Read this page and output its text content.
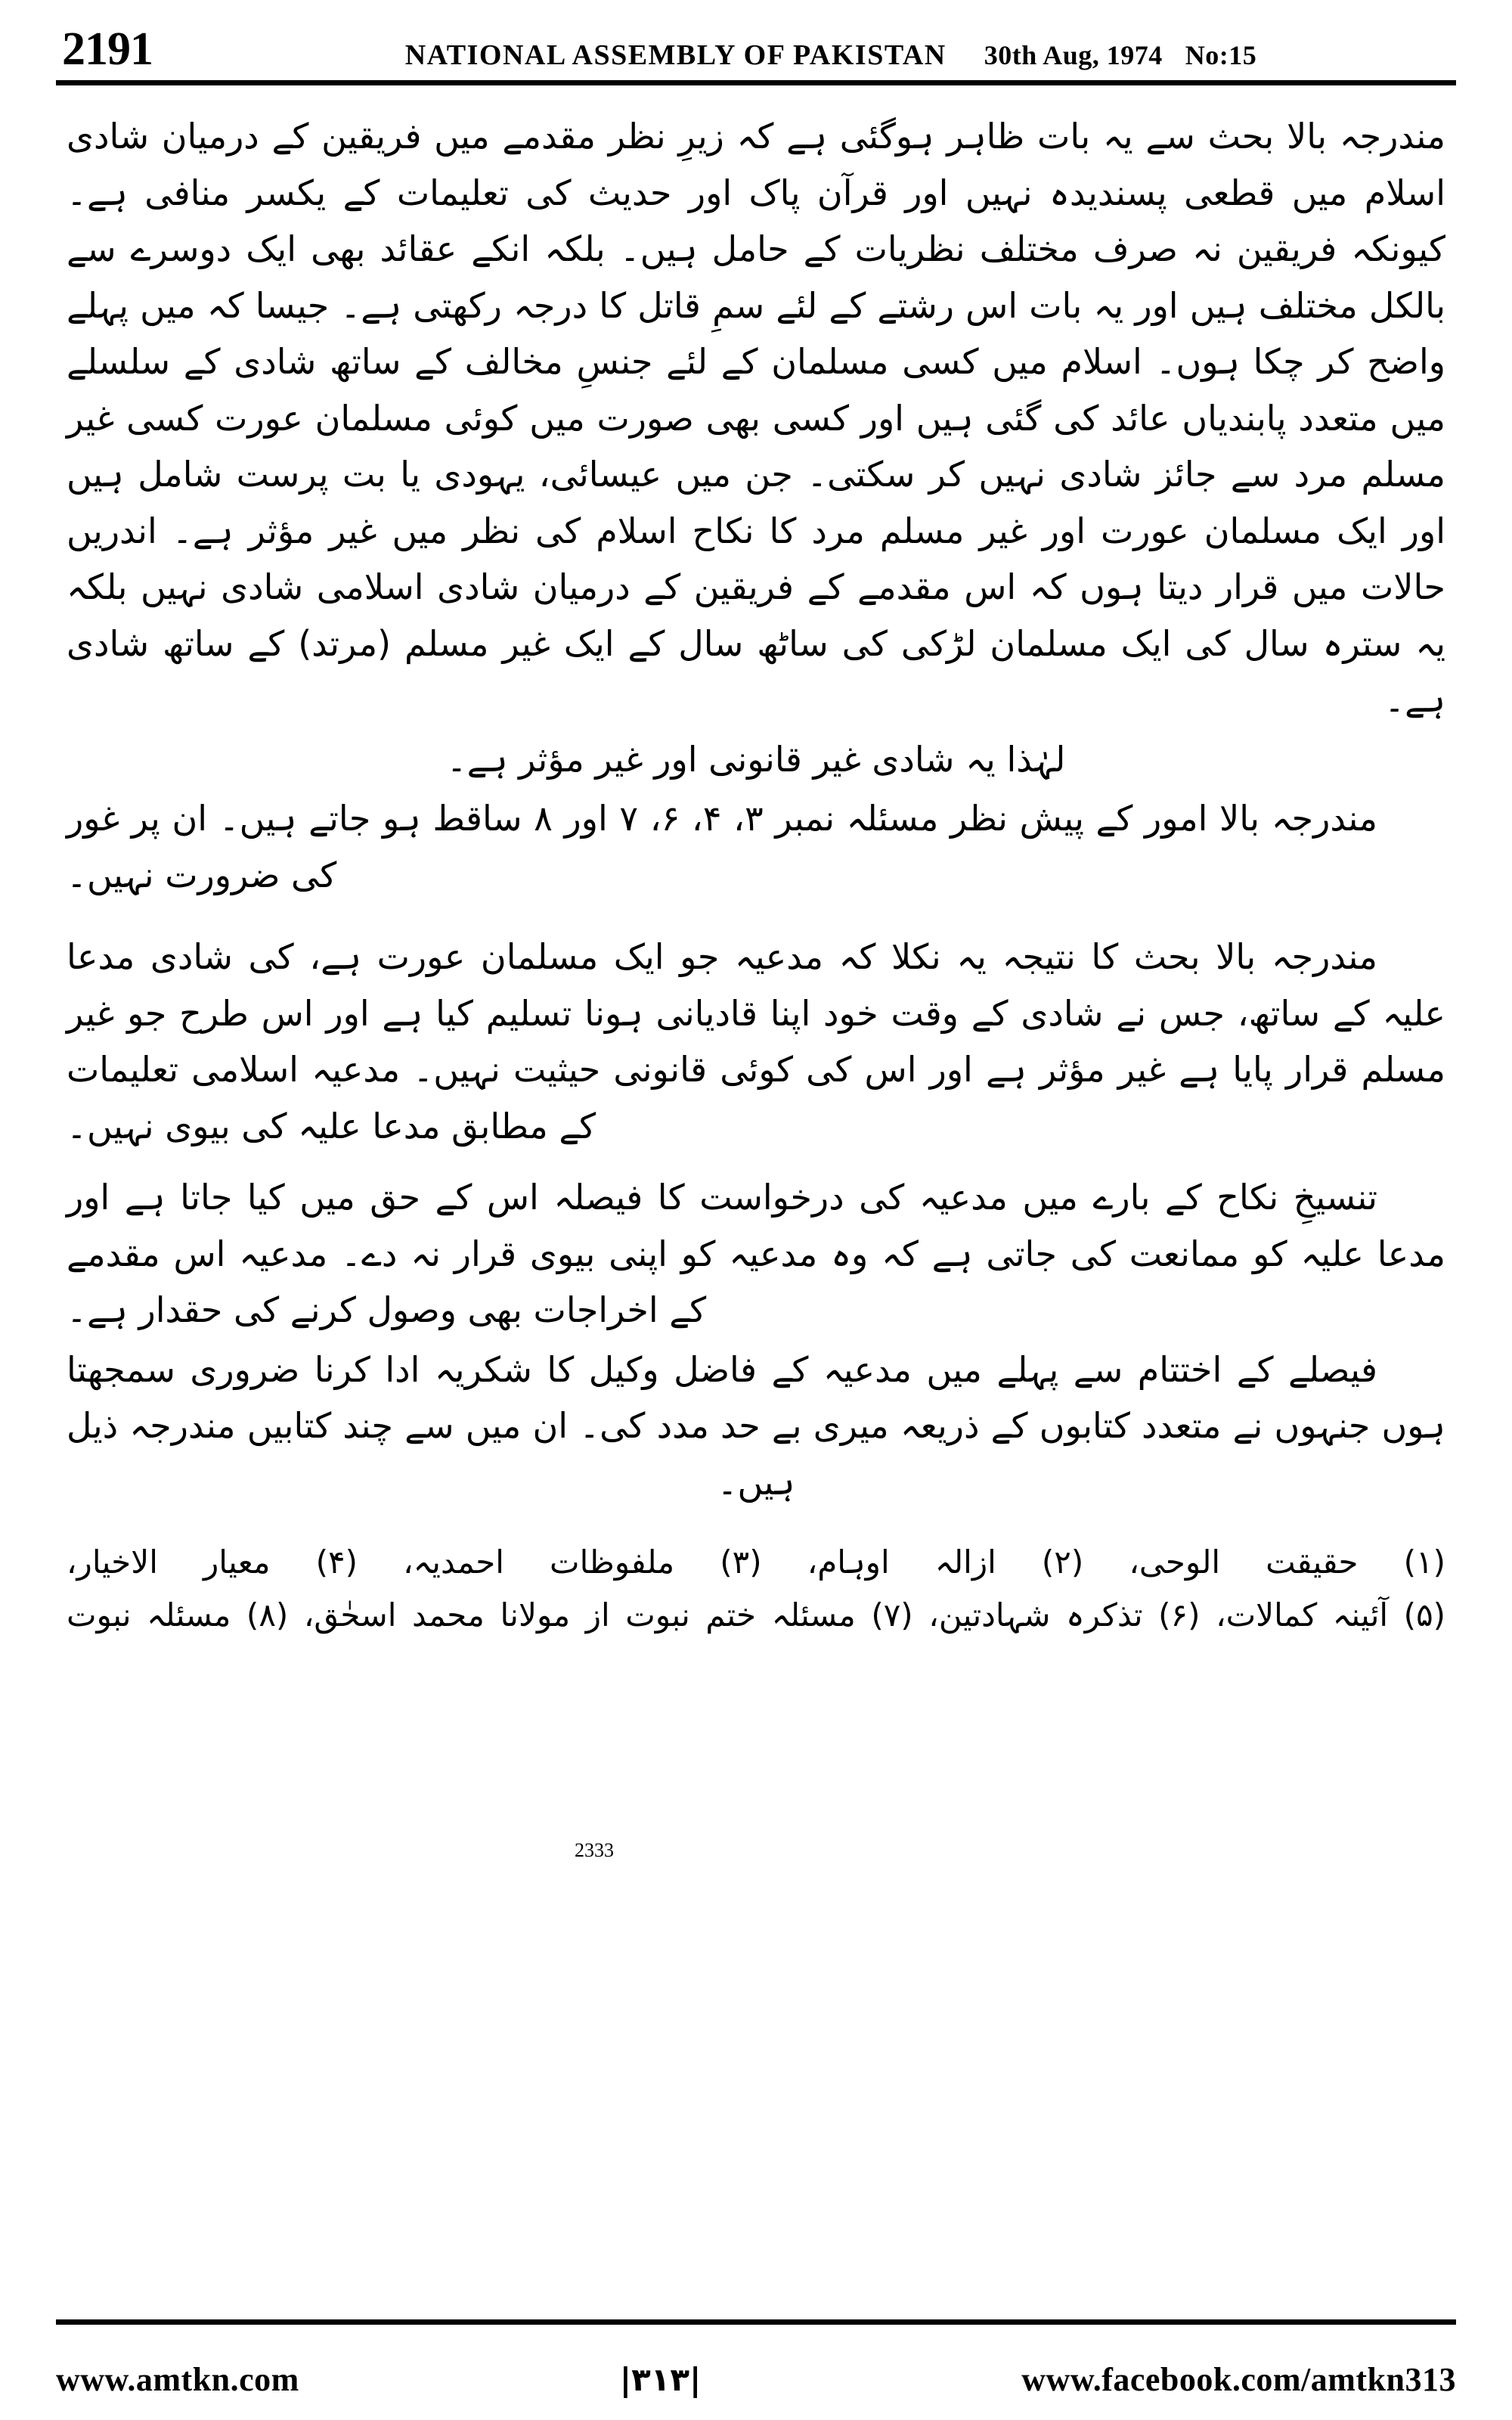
2191	NATIONAL ASSEMBLY OF PAKISTAN 30th Aug, 1974 No:15

مندرجہ بالا بحث سے یہ بات ظاہر ہوگئی ہے کہ زیرِ نظر مقدمے میں فریقین کے درمیان شادی اسلام میں قطعی پسندیدہ نہیں اور قرآن پاک اور حدیث کی تعلیمات کے یکسر منافی ہے۔ کیونکہ فریقین نہ صرف مختلف نظریات کے حامل ہیں۔ بلکہ انکے عقائد بھی ایک دوسرے سے بالکل مختلف ہیں اور یہ بات اس رشتے کے لئے سمِ قاتل کا درجہ رکھتی ہے۔ جیسا کہ میں پہلے واضح کر چکا ہوں۔ اسلام میں کسی مسلمان کے لئے جنسِ مخالف کے ساتھ شادی کے سلسلے میں متعدد پابندیاں عائد کی گئی ہیں اور کسی بھی صورت میں کوئی مسلمان عورت کسی غیر مسلم مرد سے جائز شادی نہیں کر سکتی۔ جن میں عیسائی، یہودی یا بت پرست شامل ہیں اور ایک مسلمان عورت اور غیر مسلم مرد کا نکاح اسلام کی نظر میں غیر مؤثر ہے۔ اندریں حالات میں قرار دیتا ہوں کہ اس مقدمے کے فریقین کے درمیان شادی اسلامی شادی نہیں بلکہ یہ سترہ سال کی ایک مسلمان لڑکی کی ساٹھ سال کے ایک غیر مسلم (مرتد) کے ساتھ شادی ہے۔

لہٰذا یہ شادی غیر قانونی اور غیر مؤثر ہے۔

مندرجہ بالا امور کے پیش نظر مسئلہ نمبر ۳، ۴، ۶، ۷ اور ۸ ساقط ہو جاتے ہیں۔ ان پر غور کی ضرورت نہیں۔

مندرجہ بالا بحث کا نتیجہ یہ نکلا کہ مدعیہ جو ایک مسلمان عورت ہے، کی شادی مدعا علیہ کے ساتھ، جس نے شادی کے وقت خود اپنا قادیانی ہونا تسلیم کیا ہے اور اس طرح جو غیر مسلم قرار پایا ہے غیر مؤثر ہے اور اس کی کوئی قانونی حیثیت نہیں۔ مدعیہ اسلامی تعلیمات کے مطابق مدعا علیہ کی بیوی نہیں۔

تنسیخِ نکاح کے بارے میں مدعیہ کی درخواست کا فیصلہ اس کے حق میں کیا جاتا ہے اور مدعا علیہ کو ممانعت کی جاتی ہے کہ وہ مدعیہ کو اپنی بیوی قرار نہ دے۔ مدعیہ اس مقدمے کے اخراجات بھی وصول کرنے کی حقدار ہے۔

فیصلے کے اختتام سے پہلے میں مدعیہ کے فاضل وکیل کا شکریہ ادا کرنا ضروری سمجھتا ہوں جنہوں نے متعدد کتابوں کے ذریعہ میری بے حد مدد کی۔ ان میں سے چند کتابیں مندرجہ ذیل ہیں۔

(۱) حقیقت الوحی، (۲) ازالہ اوہام، (۳) ملفوظات احمدیہ، (۴) معیار الاخیار،

(۵) آئینہ کمالات، (۶) تذکرہ شہادتین، (۷) مسئلہ ختم نبوت از مولانا محمد اسحٰق، (۸) مسئلہ نبوت

2333
www.amtkn.com	|۳۱۳|	www.facebook.com/amtkn313
